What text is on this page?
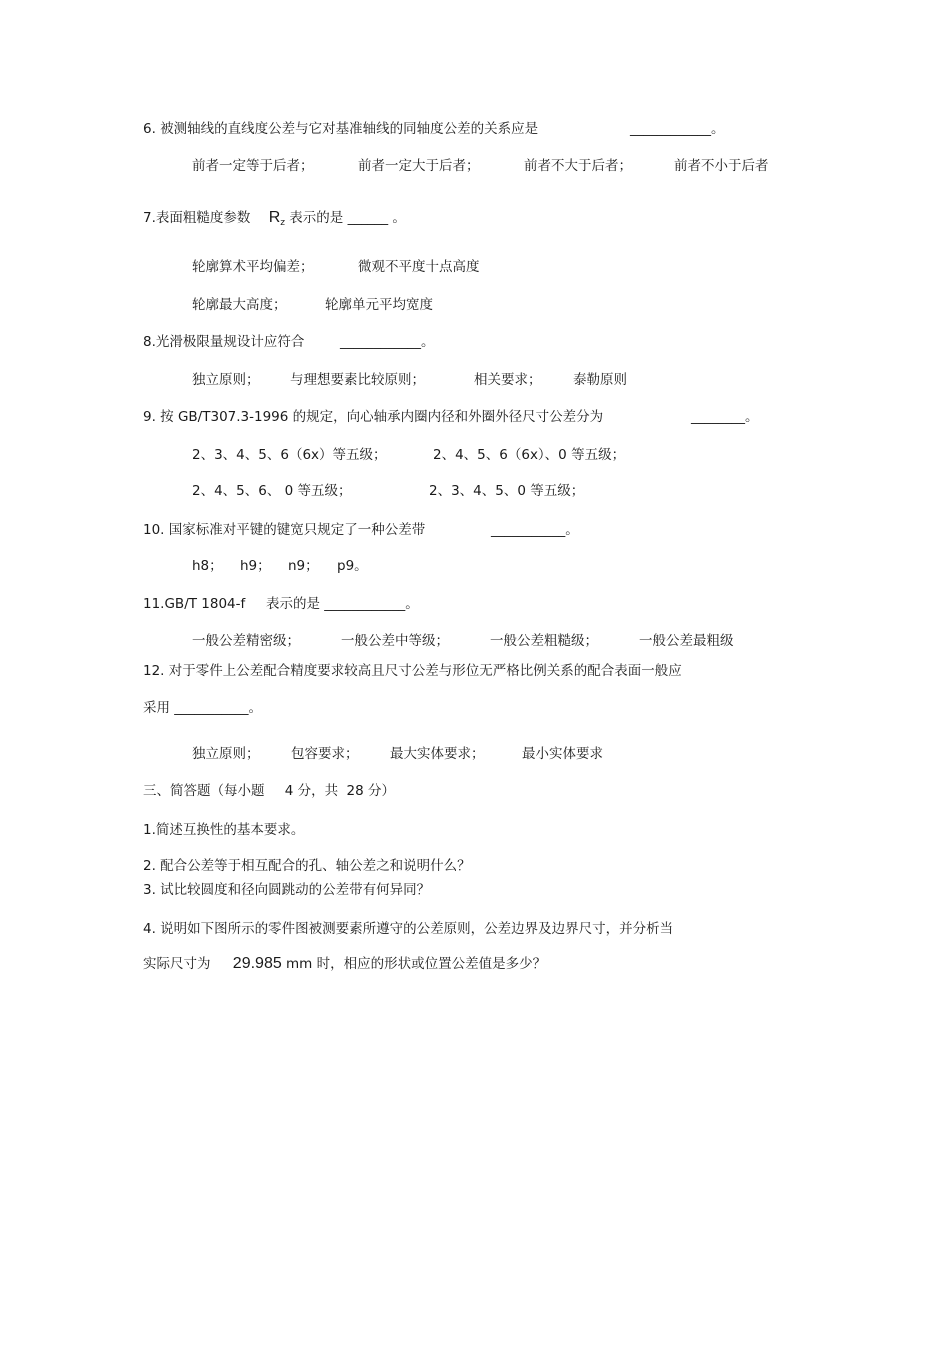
6. 被测轴线的直线度公差与它对基准轴线的同轴度公差的关系应是	____________。
前者一定等于后者；	前者一定大于后者；	前者不大于后者；	前者不小于后者
7.表面粗糙度参数 $R_z$ 表示的是 ______ 。
轮廓算术平均偏差；	微观不平度十点高度
轮廓最大高度；	轮廓单元平均宽度
8.光滑极限量规设计应符合	____________。
独立原则； 与理想要素比较原则；	相关要求； 泰勒原则
9. 按 GB/T307.3-1996 的规定，向心轴承内圈内径和外圈外径尺寸公差分为	________。
2、3、4、5、6（6x）等五级；	2、4、5、6（6x）、0 等五级；
2、4、5、6、 0 等五级；	2、3、4、5、0 等五级；
10. 国家标准对平键的键宽只规定了一种公差带	___________。
h8； h9； n9； p9。
11.GB/T 1804-f 表示的是 ____________。
一般公差精密级；	一般公差中等级；	一般公差粗糙级；	一般公差最粗级
12. 对于零件上公差配合精度要求较高且尺寸公差与形位无严格比例关系的配合表面一般应
采用 ___________。
独立原则； 包容要求； 最大实体要求；	最小实体要求
三、简答题（每小题 4 分，共 28 分）
1.简述互换性的基本要求。
2. 配合公差等于相互配合的孔、轴公差之和说明什么？
3. 试比较圆度和径向圆跳动的公差带有何异同？
4. 说明如下图所示的零件图被测要素所遵守的公差原则，公差边界及边界尺寸，并分析当
实际尺寸为 29.985 mm 时，相应的形状或位置公差值是多少？
